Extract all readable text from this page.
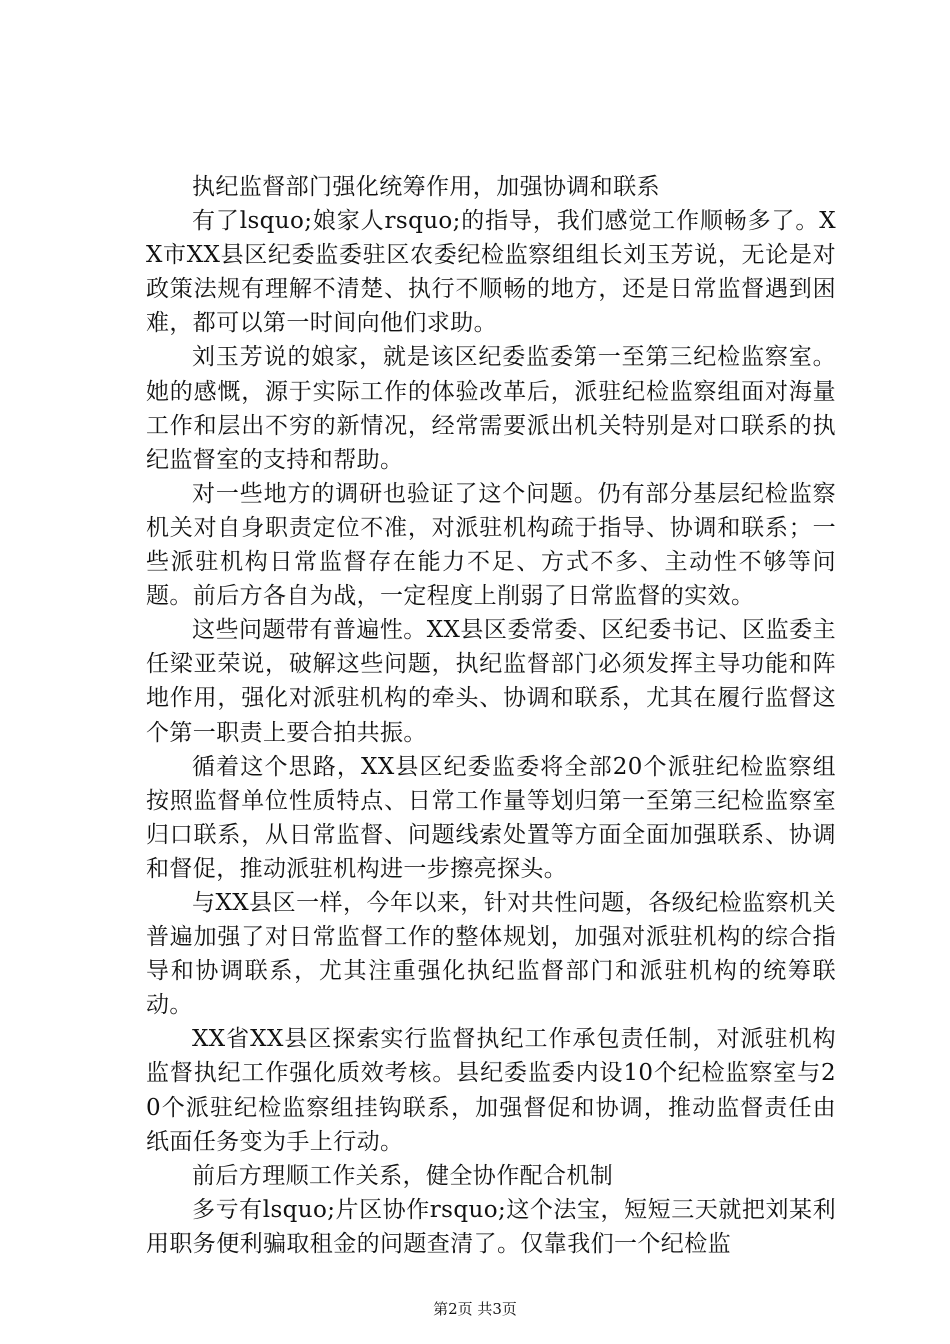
执纪监督部门强化统筹作用，加强协调和联系

有了lsquo;娘家人rsquo;的指导，我们感觉工作顺畅多了。XX市XX县区纪委监委驻区农委纪检监察组组长刘玉芳说，无论是对政策法规有理解不清楚、执行不顺畅的地方，还是日常监督遇到困难，都可以第一时间向他们求助。

刘玉芳说的娘家，就是该区纪委监委第一至第三纪检监察室。她的感慨，源于实际工作的体验改革后，派驻纪检监察组面对海量工作和层出不穷的新情况，经常需要派出机关特别是对口联系的执纪监督室的支持和帮助。

对一些地方的调研也验证了这个问题。仍有部分基层纪检监察机关对自身职责定位不准，对派驻机构疏于指导、协调和联系；一些派驻机构日常监督存在能力不足、方式不多、主动性不够等问题。前后方各自为战，一定程度上削弱了日常监督的实效。

这些问题带有普遍性。XX县区委常委、区纪委书记、区监委主任梁亚荣说，破解这些问题，执纪监督部门必须发挥主导功能和阵地作用，强化对派驻机构的牵头、协调和联系，尤其在履行监督这个第一职责上要合拍共振。

循着这个思路，XX县区纪委监委将全部20个派驻纪检监察组按照监督单位性质特点、日常工作量等划归第一至第三纪检监察室归口联系，从日常监督、问题线索处置等方面全面加强联系、协调和督促，推动派驻机构进一步擦亮探头。

与XX县区一样，今年以来，针对共性问题，各级纪检监察机关普遍加强了对日常监督工作的整体规划，加强对派驻机构的综合指导和协调联系，尤其注重强化执纪监督部门和派驻机构的统筹联动。

XX省XX县区探索实行监督执纪工作承包责任制，对派驻机构监督执纪工作强化质效考核。县纪委监委内设10个纪检监察室与20个派驻纪检监察组挂钩联系，加强督促和协调，推动监督责任由纸面任务变为手上行动。

前后方理顺工作关系，健全协作配合机制

多亏有lsquo;片区协作rsquo;这个法宝，短短三天就把刘某利用职务便利骗取租金的问题查清了。仅靠我们一个纪检监

第2页 共3页
